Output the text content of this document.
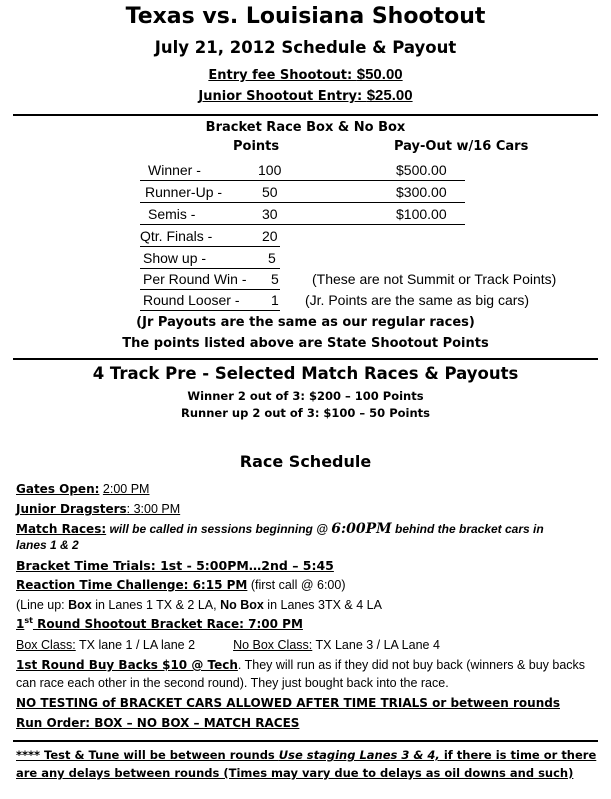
Texas vs. Louisiana Shootout
July 21, 2012 Schedule & Payout
Entry fee Shootout: $50.00
Junior Shootout Entry: $25.00
Bracket Race Box & No Box
Points	Pay-Out w/16 Cars
Winner -	100	$500.00
Runner-Up -	50	$300.00
Semis -	30	$100.00
Qtr. Finals -	20
Show up -	5
Per Round Win - 5 (These are not Summit or Track Points)
Round Looser - 1 (Jr. Points are the same as big cars)
(Jr Payouts are the same as our regular races)
The points listed above are State Shootout Points
4 Track Pre - Selected Match Races & Payouts
Winner 2 out of 3: $200 – 100 Points
Runner up 2 out of 3: $100 – 50 Points
Race Schedule
Gates Open: 2:00 PM
Junior Dragsters: 3:00 PM
Match Races: will be called in sessions beginning @ 6:00PM behind the bracket cars in
lanes 1 & 2
Bracket Time Trials: 1st - 5:00PM…2nd – 5:45
Reaction Time Challenge: 6:15 PM (first call @ 6:00)
(Line up: Box in Lanes 1 TX & 2 LA, No Box in Lanes 3TX & 4 LA
1st Round Shootout Bracket Race: 7:00 PM
Box Class: TX lane 1 / LA lane 2	No Box Class: TX Lane 3 / LA Lane 4
1st Round Buy Backs $10 @ Tech. They will run as if they did not buy back (winners & buy backs
can race each other in the second round). They just bought back into the race.
NO TESTING of BRACKET CARS ALLOWED AFTER TIME TRIALS or between rounds
Run Order: BOX – NO BOX – MATCH RACES
**** Test & Tune will be between rounds Use staging Lanes 3 & 4, if there is time or there
are any delays between rounds (Times may vary due to delays as oil downs and such)
